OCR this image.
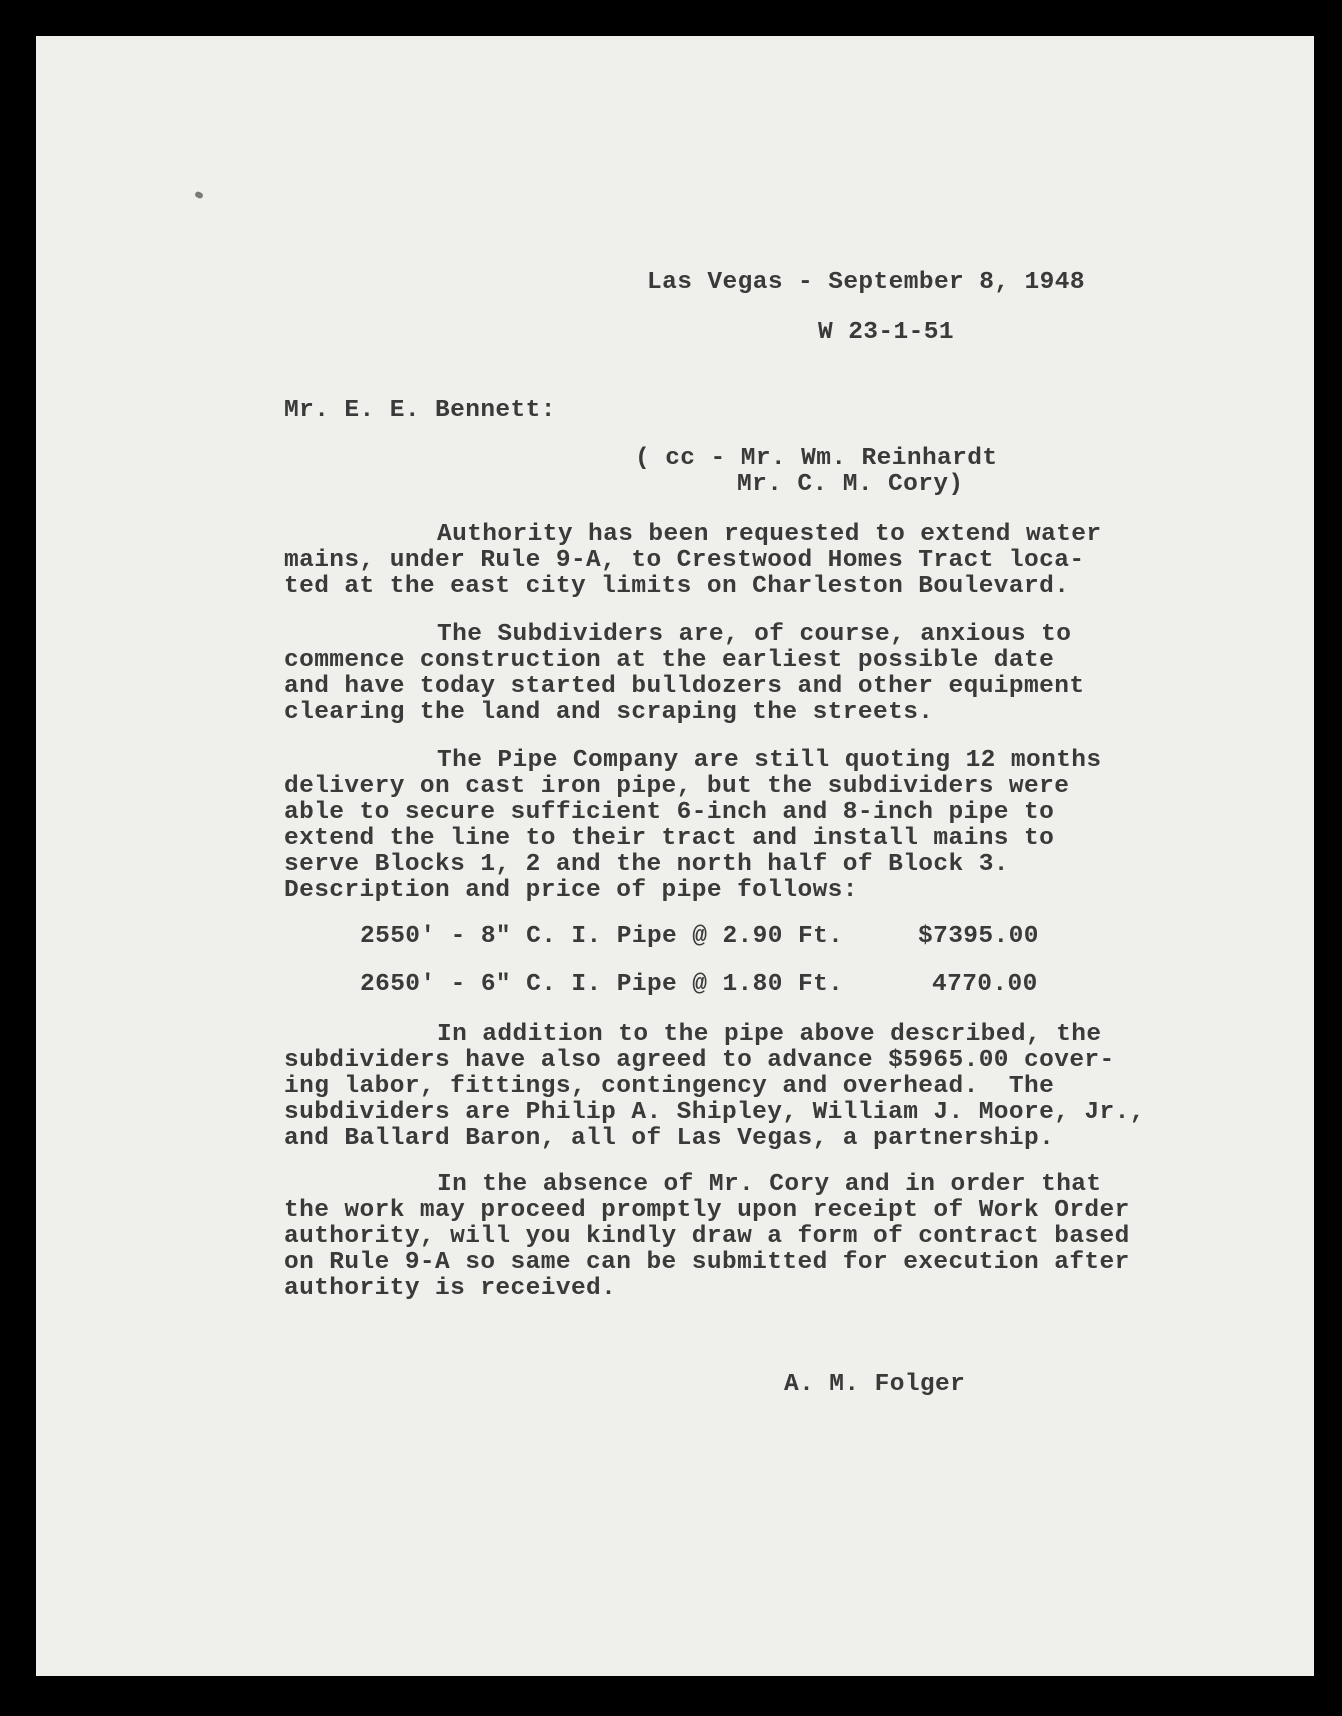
Las Vegas - September 8, 1948
W 23-1-51
Mr. E. E. Bennett:
( cc - Mr. Wm. Reinhardt
Mr. C. M. Cory)
Authority has been requested to extend water
mains, under Rule 9-A, to Crestwood Homes Tract loca-
ted at the east city limits on Charleston Boulevard.
The Subdividers are, of course, anxious to
commence construction at the earliest possible date
and have today started bulldozers and other equipment
clearing the land and scraping the streets.
The Pipe Company are still quoting 12 months
delivery on cast iron pipe, but the subdividers were
able to secure sufficient 6-inch and 8-inch pipe to
extend the line to their tract and install mains to
serve Blocks 1, 2 and the north half of Block 3.
Description and price of pipe follows:
2550' - 8" C. I. Pipe @ 2.90 Ft.	$7395.00
2650' - 6" C. I. Pipe @ 1.80 Ft.	4770.00
In addition to the pipe above described, the
subdividers have also agreed to advance $5965.00 cover-
ing labor, fittings, contingency and overhead.  The
subdividers are Philip A. Shipley, William J. Moore, Jr.,
and Ballard Baron, all of Las Vegas, a partnership.
In the absence of Mr. Cory and in order that
the work may proceed promptly upon receipt of Work Order
authority, will you kindly draw a form of contract based
on Rule 9-A so same can be submitted for execution after
authority is received.
A. M. Folger
